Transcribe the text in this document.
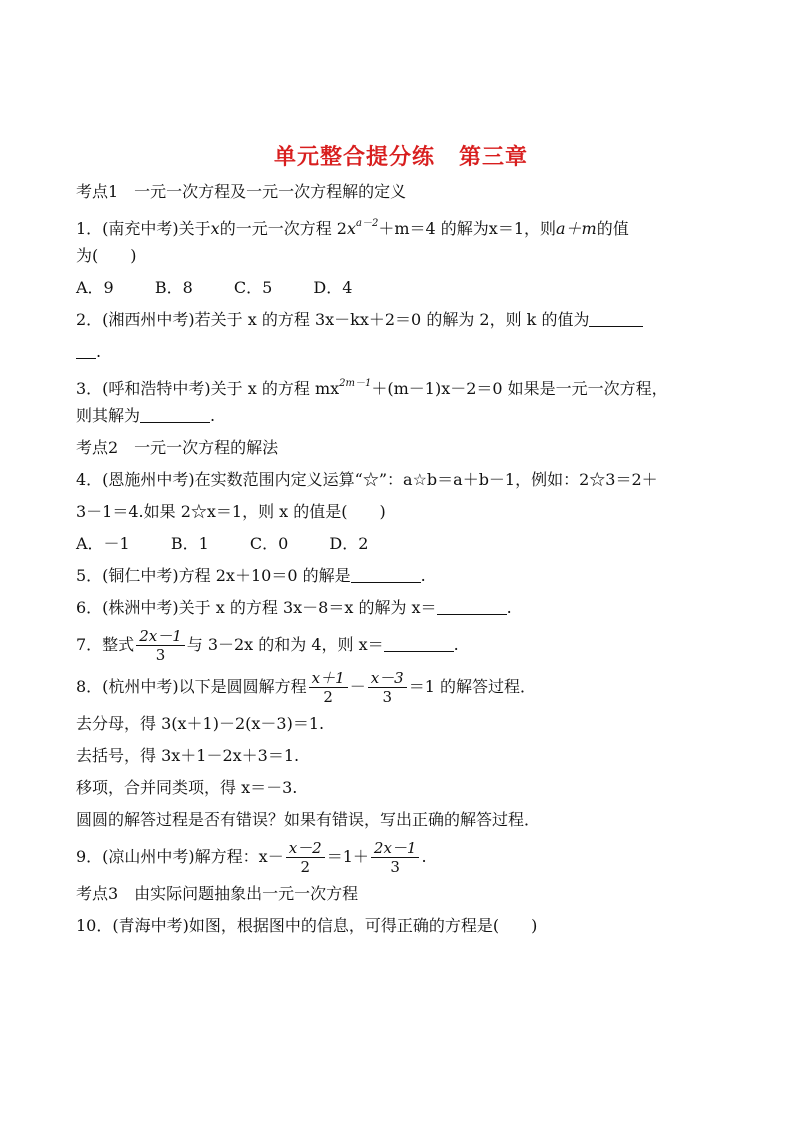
单元整合提分练 第三章
考点1　一元一次方程及一元一次方程解的定义
1．(南充中考)关于x的一元一次方程 $2x^{a-2}+m=4$ 的解为x＝1，则a＋m的值
为(　　)
A．9	B．8	C．5	D．4
2．(湘西州中考)若关于 x 的方程 3x－kx＋2＝0 的解为 2，则 k 的值为
.
3．(呼和浩特中考)关于 x 的方程 $mx^{2m-1}+(m-1)x-2=0$ 如果是一元一次方程，
则其解为	.
考点2　一元一次方程的解法
4．(恩施州中考)在实数范围内定义运算“☆”：a☆b＝a＋b－1，例如：2☆3＝2＋
3－1＝4.如果 2☆x＝1，则 x 的值是(　　)
A．－1	B．1	C．0	D．2
5．(铜仁中考)方程 2x＋10＝0 的解是	.
6．(株洲中考)关于 x 的方程 3x－8＝x 的解为 x＝	.
7．整式 $\frac{2x-1}{3}$ 与 3－2x 的和为 4，则 x＝	.
8．(杭州中考)以下是圆圆解方程 $\frac{x+1}{2} - \frac{x-3}{3} =1$ 的解答过程．
去分母，得 3(x＋1)－2(x－3)＝1.
去括号，得 3x＋1－2x＋3＝1.
移项，合并同类项，得 x＝－3.
圆圆的解答过程是否有错误？如果有错误，写出正确的解答过程．
9．(凉山州中考)解方程：$x- \frac{x-2}{2} =1+ \frac{2x-1}{3}$ .
考点3　由实际问题抽象出一元一次方程
10．(青海中考)如图，根据图中的信息，可得正确的方程是(　　)
